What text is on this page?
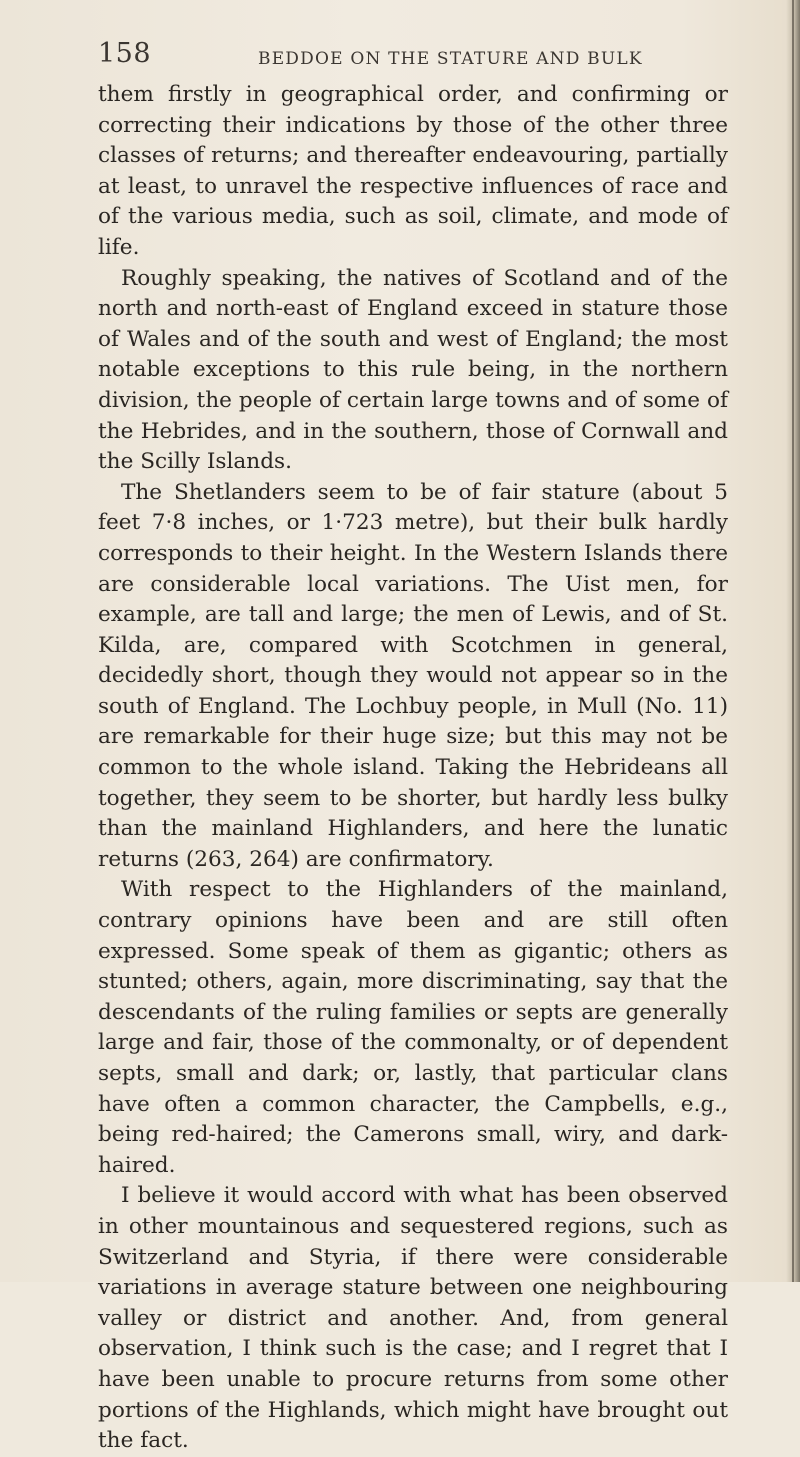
158	BEDDOE ON THE STATURE AND BULK

them firstly in geographical order, and confirming or correcting their indications by those of the other three classes of returns; and thereafter endeavouring, partially at least, to unravel the respective influences of race and of the various media, such as soil, climate, and mode of life.

Roughly speaking, the natives of Scotland and of the north and north-east of England exceed in stature those of Wales and of the south and west of England; the most notable exceptions to this rule being, in the northern division, the people of certain large towns and of some of the Hebrides, and in the southern, those of Cornwall and the Scilly Islands.

The Shetlanders seem to be of fair stature (about 5 feet 7·8 inches, or 1·723 metre), but their bulk hardly corresponds to their height. In the Western Islands there are considerable local variations. The Uist men, for example, are tall and large; the men of Lewis, and of St. Kilda, are, compared with Scotchmen in general, decidedly short, though they would not appear so in the south of England. The Lochbuy people, in Mull (No. 11) are remarkable for their huge size; but this may not be common to the whole island. Taking the Hebrideans all together, they seem to be shorter, but hardly less bulky than the mainland Highlanders, and here the lunatic returns (263, 264) are confirmatory.

With respect to the Highlanders of the mainland, contrary opinions have been and are still often expressed. Some speak of them as gigantic; others as stunted; others, again, more discriminating, say that the descendants of the ruling families or septs are generally large and fair, those of the commonalty, or of dependent septs, small and dark; or, lastly, that particular clans have often a common character, the Campbells, e.g., being red-haired; the Camerons small, wiry, and dark-haired.

I believe it would accord with what has been observed in other mountainous and sequestered regions, such as Switzerland and Styria, if there were considerable variations in average stature between one neighbouring valley or district and another. And, from general observation, I think such is the case; and I regret that I have been unable to procure returns from some other portions of the Highlands, which might have brought out the fact.
